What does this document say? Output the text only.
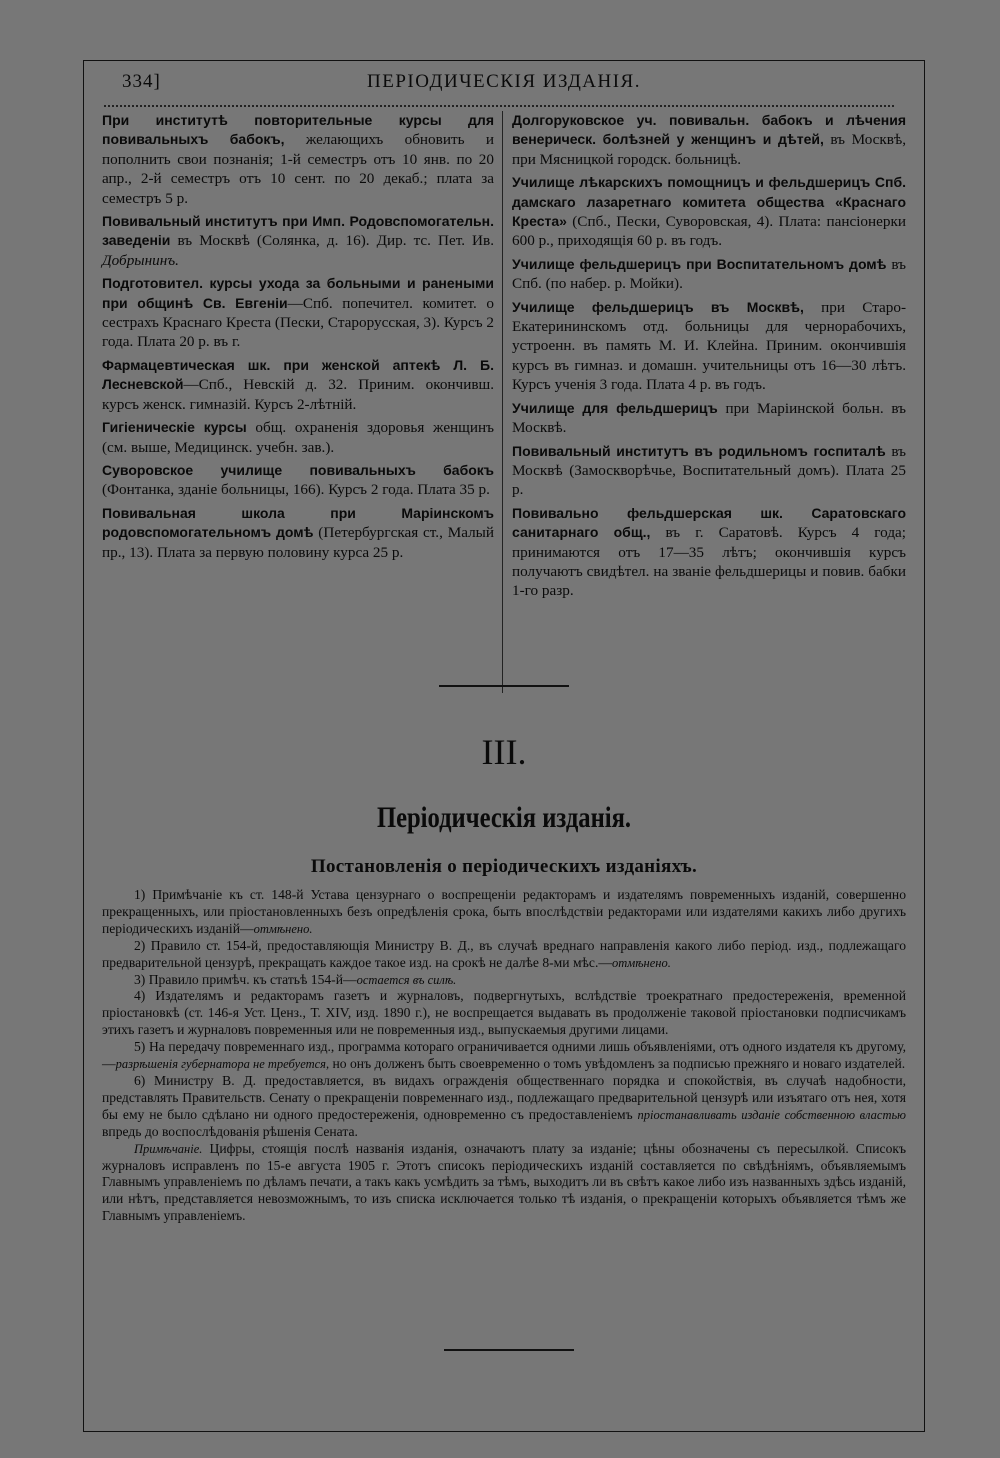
334]	ПЕРIОДИЧЕСКIЯ ИЗДАНIЯ.

При институтѣ повторительные курсы для повивальныхъ бабокъ, желающихъ обновить и пополнить свои познанiя; 1-й семестръ отъ 10 янв. по 20 апр., 2-й семестръ отъ 10 сент. по 20 декаб.; плата за семестръ 5 р.

Повивальный институтъ при Имп. Родовспомогательн. заведенiи въ Москвѣ (Солянка, д. 16). Дир. тс. Пет. Ив. Добрынинъ.

Подготовител. курсы ухода за больными и ранеными при общинѣ Св. Евгенiи—Спб. попечител. комитет. о сестрахъ Краснаго Креста (Пески, Старорусская, 3). Курсъ 2 года. Плата 20 р. въ г.

Фармацевтическая шк. при женской аптекѣ Л. Б. Лесневской—Спб., Невскiй д. 32. Приним. окончивш. курсъ женск. гимназiй. Курсъ 2-лѣтнiй.

Гигiеническiе курсы общ. охраненiя здоровья женщинъ (см. выше, Медицинск. учебн. зав.).

Суворовское училище повивальныхъ бабокъ (Фонтанка, зданiе больницы, 166). Курсъ 2 года. Плата 35 р.

Повивальная школа при Марiинскомъ родовспомогательномъ домѣ (Петербургская ст., Малый пр., 13). Плата за первую половину курса 25 р.

Долгоруковское уч. повивальн. бабокъ и лѣчения венерическ. болѣзней у женщинъ и дѣтей, въ Москвѣ, при Мясницкой городск. больницѣ.

Училище лѣкарскихъ помощницъ и фельдшерицъ Спб. дамскаго лазаретнаго комитета общества «Краснаго Креста» (Спб., Пески, Суворовская, 4). Плата: пансiонерки 600 р., приходящiя 60 р. въ годъ.

Училище фельдшерицъ при Воспитательномъ домѣ въ Спб. (по набер. р. Мойки).

Училище фельдшерицъ въ Москвѣ, при Старо-Екатерининскомъ отд. больницы для чернорабочихъ, устроенн. въ память М. И. Клейна. Приним. окончившiя курсъ въ гимназ. и домашн. учительницы отъ 16—30 лѣтъ. Курсъ ученiя 3 года. Плата 4 р. въ годъ.

Училище для фельдшерицъ при Марiинской больн. въ Москвѣ.

Повивальный институтъ въ родильномъ госпиталѣ въ Москвѣ (Замоскворѣчье, Воспитательный домъ). Плата 25 р.

Повивально фельдшерская шк. Саратовскаго санитарнаго общ., въ г. Саратовѣ. Курсъ 4 года; принимаются отъ 17—35 лѣтъ; окончившiя курсъ получаютъ свидѣтел. на званiе фельдшерицы и повив. бабки 1-го разр.

III.
Перiодическiя изданiя.
Постановленiя о перiодическихъ изданiяхъ.

1) Примѣчанiе къ ст. 148-й Устава цензурнаго о воспрещенiи редакторамъ и издателямъ повременныхъ изданiй, совершенно прекращенныхъ, или прiостановленныхъ безъ опредѣленiя срока, быть впослѣдствiи редакторами или издателями какихъ либо другихъ перiодическихъ изданiй—отмѣнено.

2) Правило ст. 154-й, предоставляющiя Министру В. Д., въ случаѣ вреднаго направленiя какого либо перiод. изд., подлежащаго предварительной цензурѣ, прекращать каждое такое изд. на срокѣ не далѣе 8-ми мѣс.—отмѣнено.

3) Правило примѣч. къ статьѣ 154-й—остается въ силѣ.

4) Издателямъ и редакторамъ газетъ и журналовъ, подвергнутыхъ, вслѣдствiе троекратнаго предостереженiя, временной прiостановкѣ (ст. 146-я Уст. Ценз., Т. XIV, изд. 1890 г.), не воспрещается выдавать въ продолженiе таковой прiостановки подписчикамъ этихъ газетъ и журналовъ повременныя или не повременныя изд., выпускаемыя другими лицами.

5) На передачу повременнаго изд., программа котораго ограничивается одними лишь объявленiями, отъ одного издателя къ другому,—разрѣшенiя губернатора не требуется, но онъ долженъ быть своевременно о томъ увѣдомленъ за подписью прежняго и новаго издателей.

6) Министру В. Д. предоставляется, въ видахъ огражденiя общественнаго порядка и спокойствiя, въ случаѣ надобности, представлять Правительств. Сенату о прекращенiи повременнаго изд., подлежащаго предварительной цензурѣ или изъятаго отъ нея, хотя бы ему не было сдѣлано ни одного предостереженiя, одновременно съ предоставленiемъ прiостанавливать изданiе собственною властью впредь до воспослѣдованiя рѣшенiя Сената.

Примѣчанiе. Цифры, стоящiя послѣ названiя изданiя, означаютъ плату за изданiе; цѣны обозначены съ пересылкой. Списокъ журналовъ исправленъ по 15-е августа 1905 г. Этотъ списокъ перiодическихъ изданiй составляется по свѣдѣнiямъ, объявляемымъ Главнымъ управленiемъ по дѣламъ печати, а такъ какъ усмѣдить за тѣмъ, выходитъ ли въ свѣтъ какое либо изъ названныхъ здѣсь изданiй, или нѣтъ, представляется невозможнымъ, то изъ списка исключается только тѣ изданiя, о прекращенiи которыхъ объявляется тѣмъ же Главнымъ управленiемъ.
